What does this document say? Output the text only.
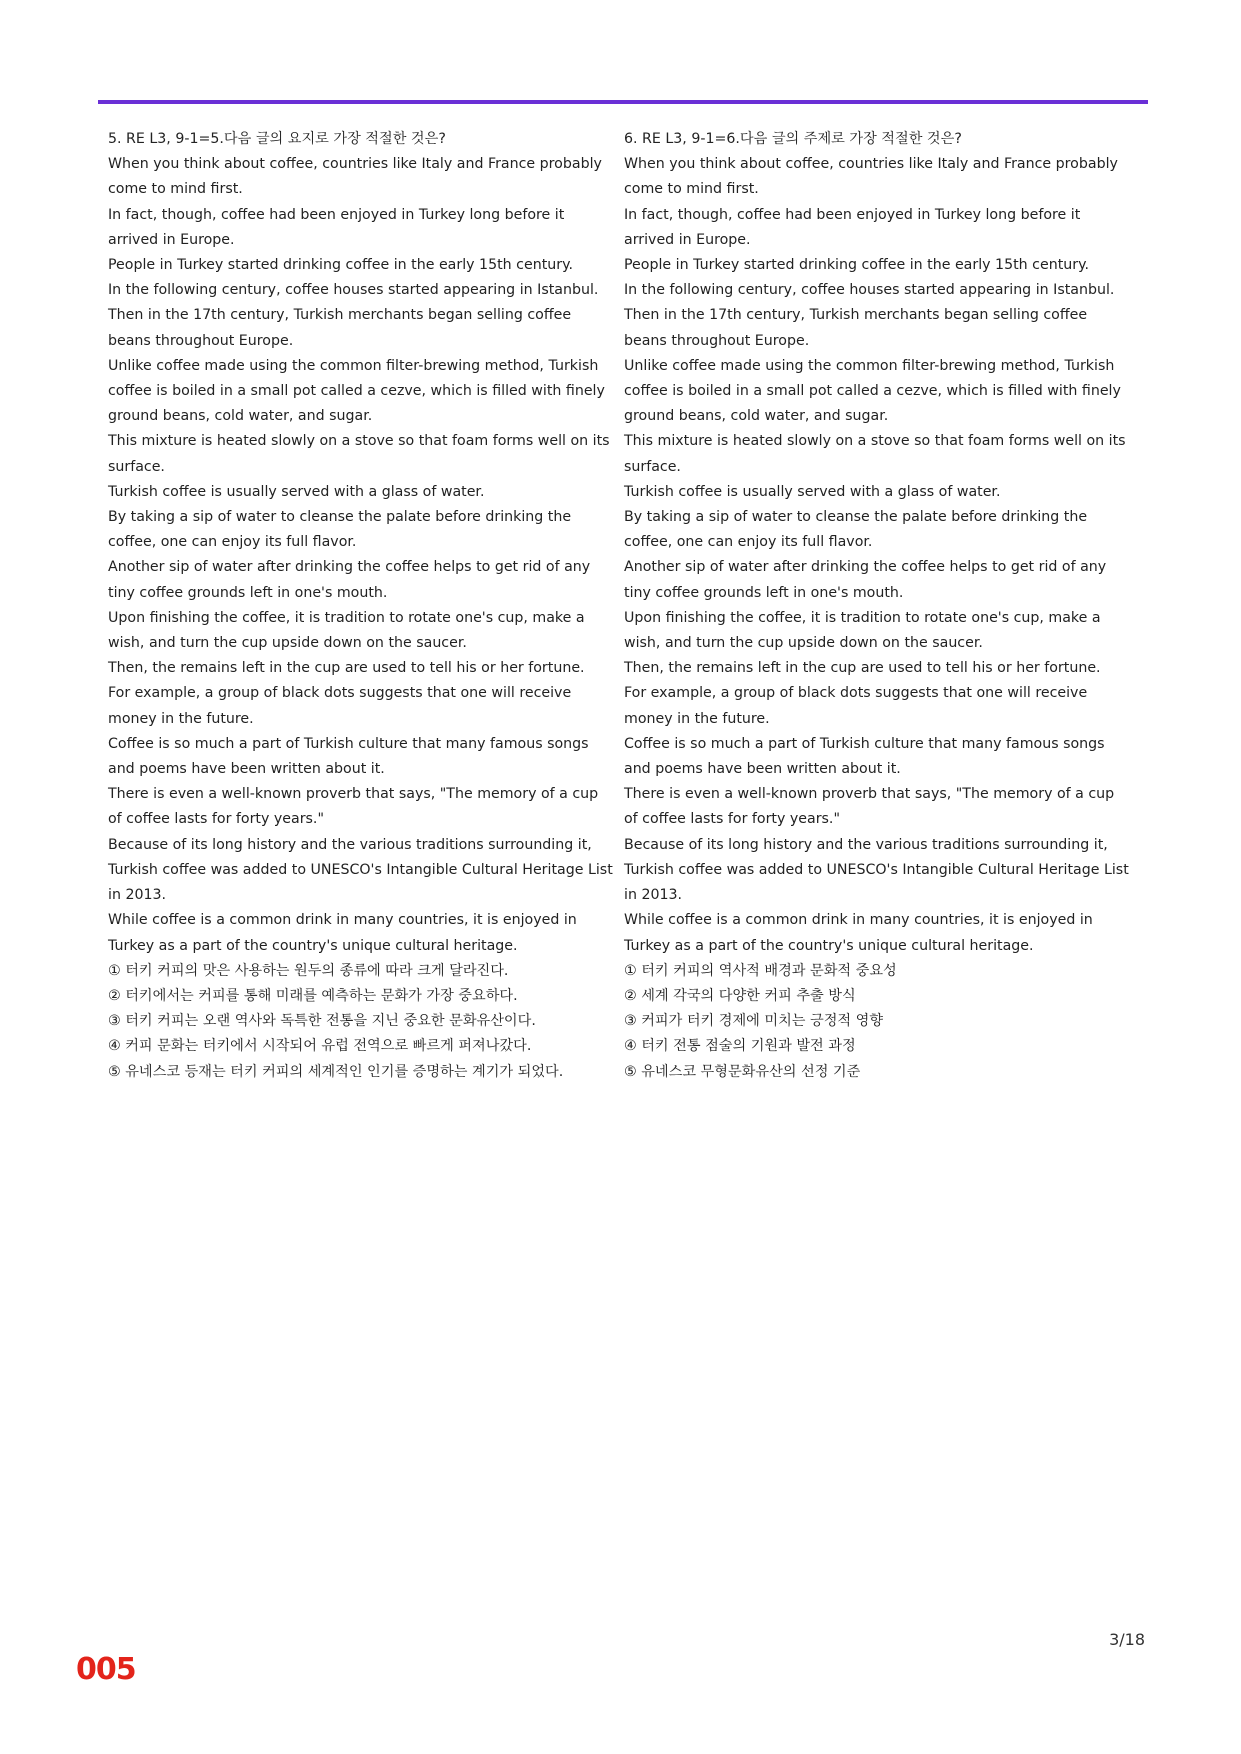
5. RE L3, 9-1=5.다음 글의 요지로 가장 적절한 것은?

When you think about coffee, countries like Italy and France probably come to mind first.

In fact, though, coffee had been enjoyed in Turkey long before it arrived in Europe.

People in Turkey started drinking coffee in the early 15th century.

In the following century, coffee houses started appearing in Istanbul.

Then in the 17th century, Turkish merchants began selling coffee beans throughout Europe.

Unlike coffee made using the common filter-brewing method, Turkish coffee is boiled in a small pot called a cezve, which is filled with finely ground beans, cold water, and sugar.

This mixture is heated slowly on a stove so that foam forms well on its surface.

Turkish coffee is usually served with a glass of water.

By taking a sip of water to cleanse the palate before drinking the coffee, one can enjoy its full flavor.

Another sip of water after drinking the coffee helps to get rid of any tiny coffee grounds left in one's mouth.

Upon finishing the coffee, it is tradition to rotate one's cup, make a wish, and turn the cup upside down on the saucer.

Then, the remains left in the cup are used to tell his or her fortune.

For example, a group of black dots suggests that one will receive money in the future.

Coffee is so much a part of Turkish culture that many famous songs and poems have been written about it.

There is even a well-known proverb that says, "The memory of a cup of coffee lasts for forty years."

Because of its long history and the various traditions surrounding it, Turkish coffee was added to UNESCO's Intangible Cultural Heritage List in 2013.

While coffee is a common drink in many countries, it is enjoyed in Turkey as a part of the country's unique cultural heritage.

① 터키 커피의 맛은 사용하는 원두의 종류에 따라 크게 달라진다.

② 터키에서는 커피를 통해 미래를 예측하는 문화가 가장 중요하다.

③ 터키 커피는 오랜 역사와 독특한 전통을 지닌 중요한 문화유산이다.

④ 커피 문화는 터키에서 시작되어 유럽 전역으로 빠르게 퍼져나갔다.

⑤ 유네스코 등재는 터키 커피의 세계적인 인기를 증명하는 계기가 되었다.

6. RE L3, 9-1=6.다음 글의 주제로 가장 적절한 것은?

When you think about coffee, countries like Italy and France probably come to mind first.

In fact, though, coffee had been enjoyed in Turkey long before it arrived in Europe.

People in Turkey started drinking coffee in the early 15th century.

In the following century, coffee houses started appearing in Istanbul.

Then in the 17th century, Turkish merchants began selling coffee beans throughout Europe.

Unlike coffee made using the common filter-brewing method, Turkish coffee is boiled in a small pot called a cezve, which is filled with finely ground beans, cold water, and sugar.

This mixture is heated slowly on a stove so that foam forms well on its surface.

Turkish coffee is usually served with a glass of water.

By taking a sip of water to cleanse the palate before drinking the coffee, one can enjoy its full flavor.

Another sip of water after drinking the coffee helps to get rid of any tiny coffee grounds left in one's mouth.

Upon finishing the coffee, it is tradition to rotate one's cup, make a wish, and turn the cup upside down on the saucer.

Then, the remains left in the cup are used to tell his or her fortune.

For example, a group of black dots suggests that one will receive money in the future.

Coffee is so much a part of Turkish culture that many famous songs and poems have been written about it.

There is even a well-known proverb that says, "The memory of a cup of coffee lasts for forty years."

Because of its long history and the various traditions surrounding it, Turkish coffee was added to UNESCO's Intangible Cultural Heritage List in 2013.

While coffee is a common drink in many countries, it is enjoyed in Turkey as a part of the country's unique cultural heritage.

① 터키 커피의 역사적 배경과 문화적 중요성

② 세계 각국의 다양한 커피 추출 방식

③ 커피가 터키 경제에 미치는 긍정적 영향

④ 터키 전통 점술의 기원과 발전 과정

⑤ 유네스코 무형문화유산의 선정 기준

3/18
005
